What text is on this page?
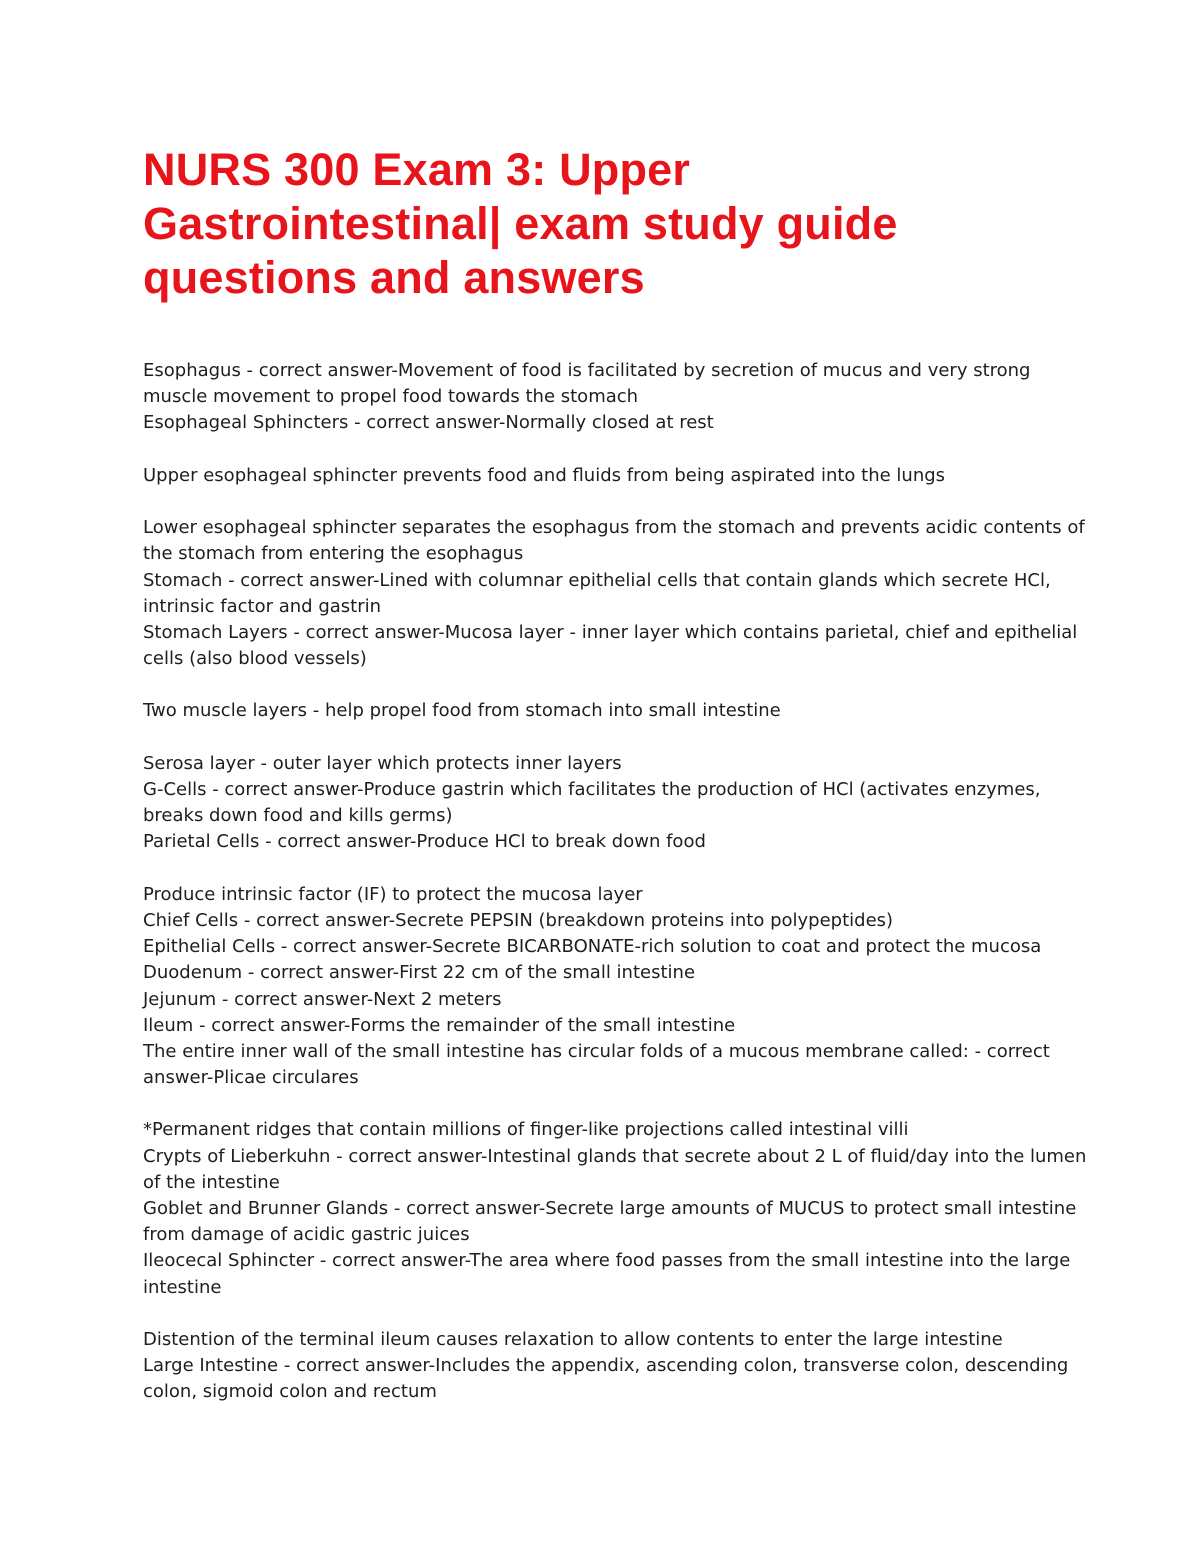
NURS 300 Exam 3: Upper
Gastrointestinal| exam study guide
questions and answers
Esophagus - correct answer-Movement of food is facilitated by secretion of mucus and very strong
muscle movement to propel food towards the stomach
Esophageal Sphincters - correct answer-Normally closed at rest
Upper esophageal sphincter prevents food and fluids from being aspirated into the lungs
Lower esophageal sphincter separates the esophagus from the stomach and prevents acidic contents of
the stomach from entering the esophagus
Stomach - correct answer-Lined with columnar epithelial cells that contain glands which secrete HCl,
intrinsic factor and gastrin
Stomach Layers - correct answer-Mucosa layer - inner layer which contains parietal, chief and epithelial
cells (also blood vessels)
Two muscle layers - help propel food from stomach into small intestine
Serosa layer - outer layer which protects inner layers
G-Cells - correct answer-Produce gastrin which facilitates the production of HCl (activates enzymes,
breaks down food and kills germs)
Parietal Cells - correct answer-Produce HCl to break down food
Produce intrinsic factor (IF) to protect the mucosa layer
Chief Cells - correct answer-Secrete PEPSIN (breakdown proteins into polypeptides)
Epithelial Cells - correct answer-Secrete BICARBONATE-rich solution to coat and protect the mucosa
Duodenum - correct answer-First 22 cm of the small intestine
Jejunum - correct answer-Next 2 meters
Ileum - correct answer-Forms the remainder of the small intestine
The entire inner wall of the small intestine has circular folds of a mucous membrane called: - correct
answer-Plicae circulares
*Permanent ridges that contain millions of finger-like projections called intestinal villi
Crypts of Lieberkuhn - correct answer-Intestinal glands that secrete about 2 L of fluid/day into the lumen
of the intestine
Goblet and Brunner Glands - correct answer-Secrete large amounts of MUCUS to protect small intestine
from damage of acidic gastric juices
Ileocecal Sphincter - correct answer-The area where food passes from the small intestine into the large
intestine
Distention of the terminal ileum causes relaxation to allow contents to enter the large intestine
Large Intestine - correct answer-Includes the appendix, ascending colon, transverse colon, descending
colon, sigmoid colon and rectum
